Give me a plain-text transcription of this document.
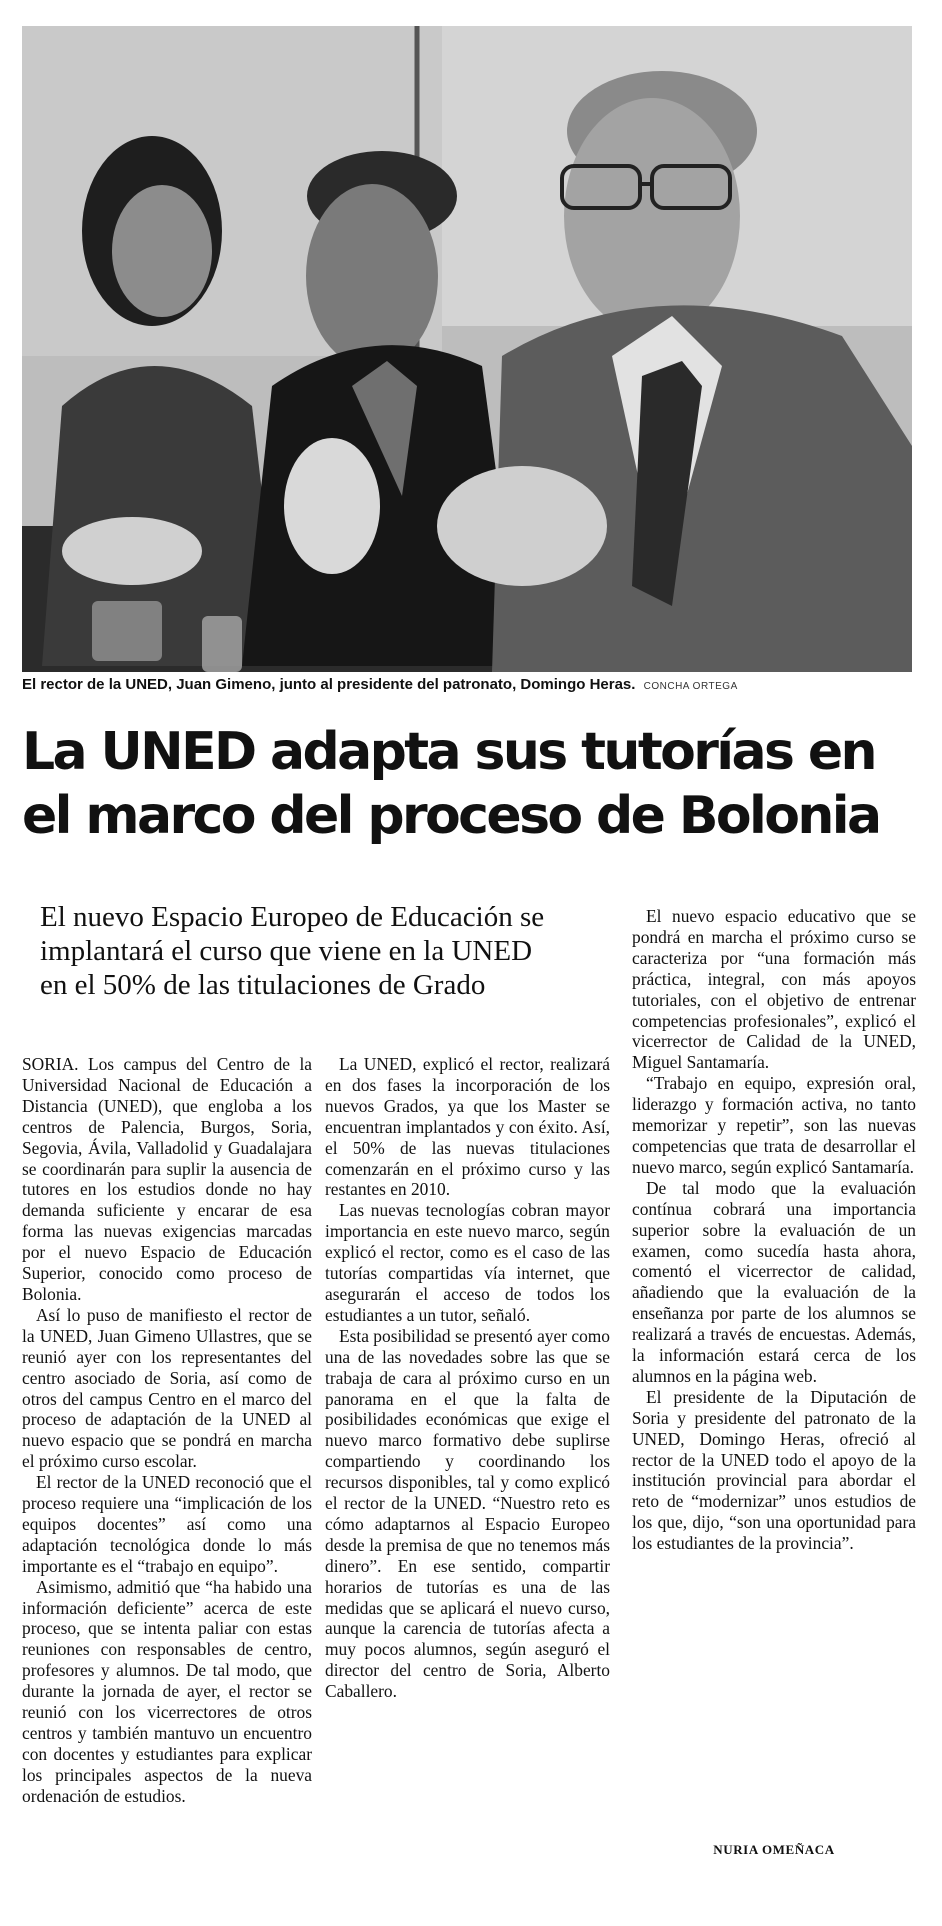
El rector de la UNED, Juan Gimeno, junto al presidente del patronato, Domingo Heras. CONCHA ORTEGA
La UNED adapta sus tutorías en
el marco del proceso de Bolonia
El nuevo Espacio Europeo de Educación se
implantará el curso que viene en la UNED
en el 50% de las titulaciones de Grado

SORIA. Los campus del Centro de la Universidad Nacional de Educación a Distancia (UNED), que engloba a los centros de Palencia, Burgos, Soria, Segovia, Ávila, Valladolid y Guadalajara se coordinarán para suplir la ausencia de tutores en los estudios donde no hay demanda suficiente y encarar de esa forma las nuevas exigencias marcadas por el nuevo Espacio de Educación Superior, conocido como proceso de Bolonia.

Así lo puso de manifiesto el rector de la UNED, Juan Gimeno Ullastres, que se reunió ayer con los representantes del centro asociado de Soria, así como de otros del campus Centro en el marco del proceso de adaptación de la UNED al nuevo espacio que se pondrá en marcha el próximo curso escolar.

El rector de la UNED reconoció que el proceso requiere una “implicación de los equipos docentes” así como una adaptación tecnológica donde lo más importante es el “trabajo en equipo”.

Asimismo, admitió que “ha habido una información deficiente” acerca de este proceso, que se intenta paliar con estas reuniones con responsables de centro, profesores y alumnos. De tal modo, que durante la jornada de ayer, el rector se reunió con los vicerrectores de otros centros y también mantuvo un encuentro con docentes y estudiantes para explicar los principales aspectos de la nueva ordenación de estudios.

La UNED, explicó el rector, realizará en dos fases la incorporación de los nuevos Grados, ya que los Master se encuentran implantados y con éxito. Así, el 50% de las nuevas titulaciones comenzarán en el próximo curso y las restantes en 2010.

Las nuevas tecnologías cobran mayor importancia en este nuevo marco, según explicó el rector, como es el caso de las tutorías compartidas vía internet, que asegurarán el acceso de todos los estudiantes a un tutor, señaló.

Esta posibilidad se presentó ayer como una de las novedades sobre las que se trabaja de cara al próximo curso en un panorama en el que la falta de posibilidades económicas que exige el nuevo marco formativo debe suplirse compartiendo y coordinando los recursos disponibles, tal y como explicó el rector de la UNED. “Nuestro reto es cómo adaptarnos al Espacio Europeo desde la premisa de que no tenemos más dinero”. En ese sentido, compartir horarios de tutorías es una de las medidas que se aplicará el nuevo curso, aunque la carencia de tutorías afecta a muy pocos alumnos, según aseguró el director del centro de Soria, Alberto Caballero.

El nuevo espacio educativo que se pondrá en marcha el próximo curso se caracteriza por “una formación más práctica, integral, con más apoyos tutoriales, con el objetivo de entrenar competencias profesionales”, explicó el vicerrector de Calidad de la UNED, Miguel Santamaría.

“Trabajo en equipo, expresión oral, liderazgo y formación activa, no tanto memorizar y repetir”, son las nuevas competencias que trata de desarrollar el nuevo marco, según explicó Santamaría.

De tal modo que la evaluación contínua cobrará una importancia superior sobre la evaluación de un examen, como sucedía hasta ahora, comentó el vicerrector de calidad, añadiendo que la evaluación de la enseñanza por parte de los alumnos se realizará a través de encuestas. Además, la información estará cerca de los alumnos en la página web.

El presidente de la Diputación de Soria y presidente del patronato de la UNED, Domingo Heras, ofreció al rector de la UNED todo el apoyo de la institución provincial para abordar el reto de “modernizar” unos estudios de los que, dijo, “son una oportunidad para los estudiantes de la provincia”.

NURIA OMEÑACA
